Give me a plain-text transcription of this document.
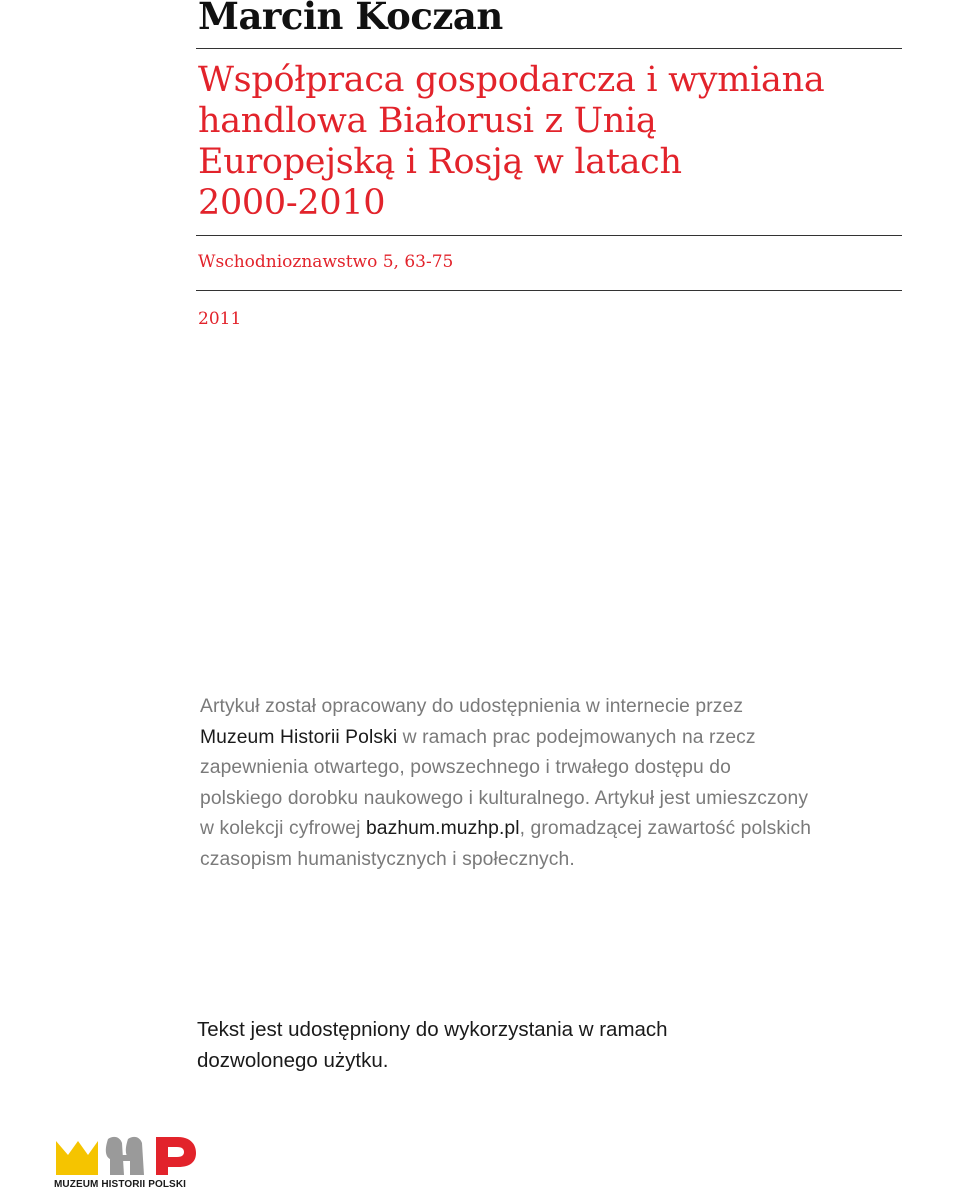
Marcin Koczan
Współpraca gospodarcza i wymiana
handlowa Białorusi z Unią
Europejską i Rosją w latach
2000-2010
Wschodnioznawstwo 5, 63-75
2011
Artykuł został opracowany do udostępnienia w internecie przez
Muzeum Historii Polski w ramach prac podejmowanych na rzecz
zapewnienia otwartego, powszechnego i trwałego dostępu do
polskiego dorobku naukowego i kulturalnego. Artykuł jest umieszczony
w kolekcji cyfrowej bazhum.muzhp.pl, gromadzącej zawartość polskich
czasopism humanistycznych i społecznych.
Tekst jest udostępniony do wykorzystania w ramach
dozwolonego użytku.
MUZEUM HISTORII POLSKI
